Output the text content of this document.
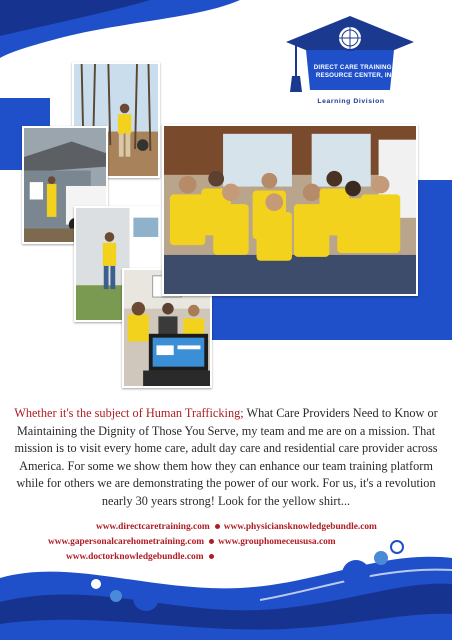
DIRECT CARE TRAINING &
RESOURCE CENTER, INC
Learning Division
Whether it's the subject of Human Trafficking; What Care Providers Need to Know or Maintaining the Dignity of Those You Serve, my team and me are on a mission. That mission is to visit every home care, adult day care and residential care provider across America. For some we show them how they can enhance our team training platform while for others we are demonstrating the power of our work. For us, it's a revolution nearly 30 years strong! Look for the yellow shirt...
www.directcaretraining.com www.physiciansknowledgebundle.com
www.gapersonalcarehometraining.com www.grouphomeceususa.com
www.doctorknowledgebundle.com
